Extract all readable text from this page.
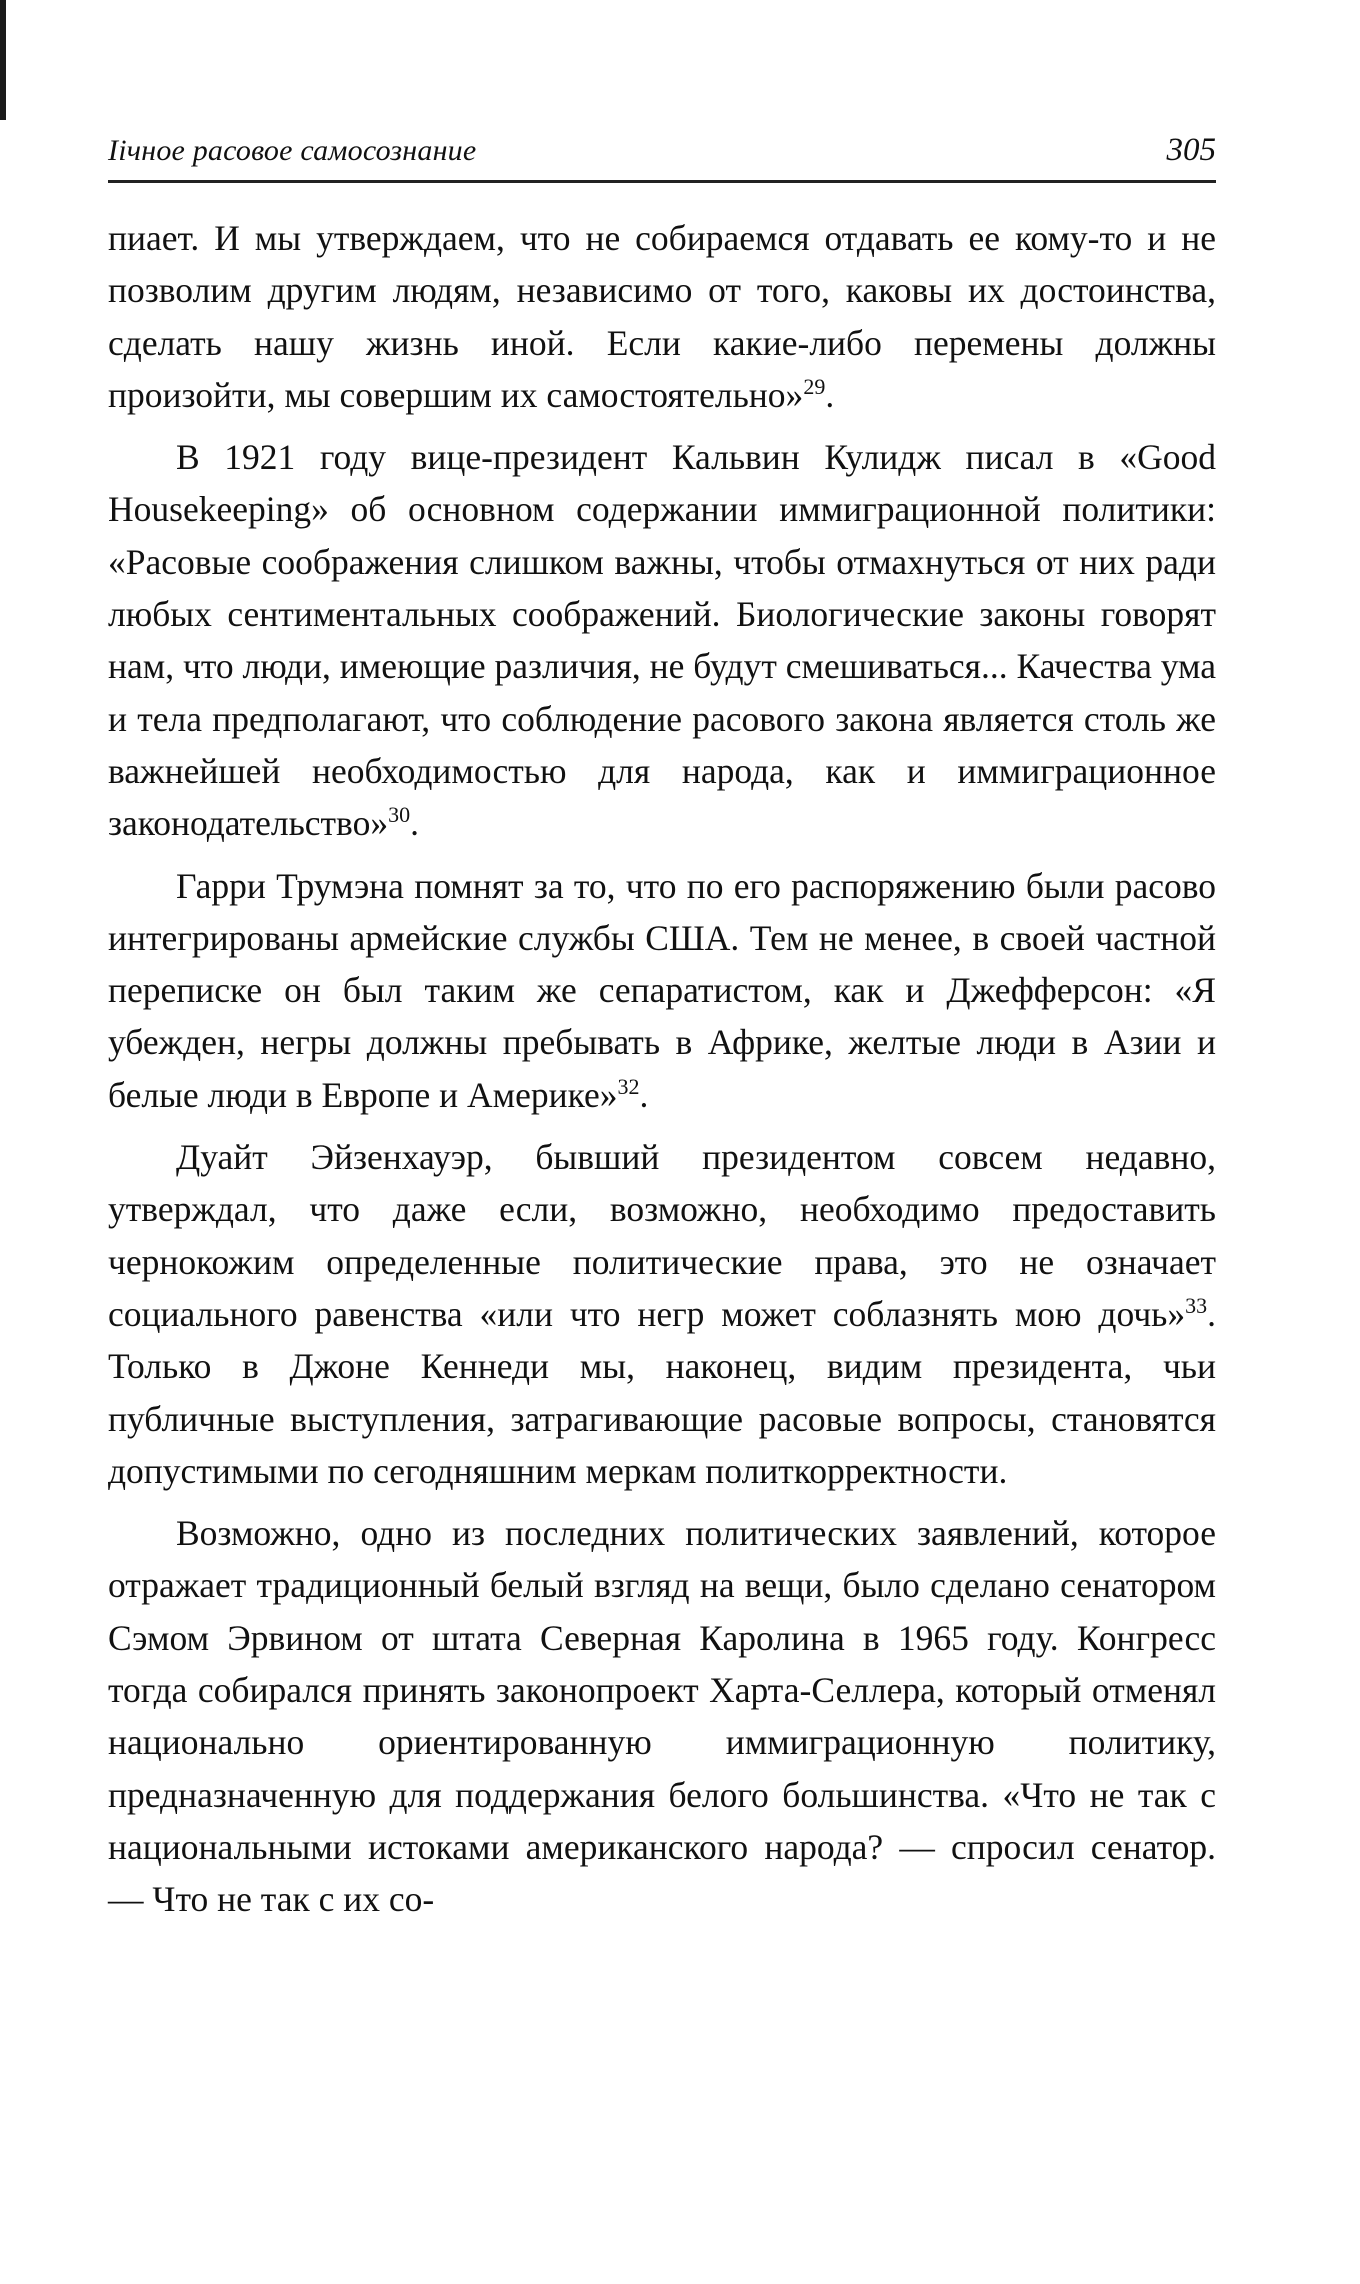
Iiчное расовое самосознание	305

пиает. И мы утверждаем, что не собираемся отдавать ее кому-то и не позволим другим людям, независимо от того, каковы их достоинства, сделать нашу жизнь иной. Если какие-либо перемены должны произойти, мы совершим их самостоятельно»$^{29}$.

В 1921 году вице-президент Кальвин Кулидж писал в «Good Housekeeping» об основном содержании иммиграционной политики: «Расовые соображения слишком важны, чтобы отмахнуться от них ради любых сентиментальных соображений. Биологические законы говорят нам, что люди, имеющие различия, не будут смешиваться... Качества ума и тела предполагают, что соблюдение расового закона является столь же важнейшей необходимостью для народа, как и иммиграционное законодательство»$^{30}$.

Гарри Трумэна помнят за то, что по его распоряжению были расово интегрированы армейские службы США. Тем не менее, в своей частной переписке он был таким же сепаратистом, как и Джефферсон: «Я убежден, негры должны пребывать в Африке, желтые люди в Азии и белые люди в Европе и Америке»$^{32}$.

Дуайт Эйзенхауэр, бывший президентом совсем недавно, утверждал, что даже если, возможно, необходимо предоставить чернокожим определенные политические права, это не означает социального равенства «или что негр может соблазнять мою дочь»$^{33}$. Только в Джоне Кеннеди мы, наконец, видим президента, чьи публичные выступления, затрагивающие расовые вопросы, становятся допустимыми по сегодняшним меркам политкорректности.

Возможно, одно из последних политических заявлений, которое отражает традиционный белый взгляд на вещи, было сделано сенатором Сэмом Эрвином от штата Северная Каролина в 1965 году. Конгресс тогда собирался принять законопроект Харта-Селлера, который отменял национально ориентированную иммиграционную политику, предназначенную для поддержания белого большинства. «Что не так с национальными истоками американского народа? — спросил сенатор. — Что не так с их со-
